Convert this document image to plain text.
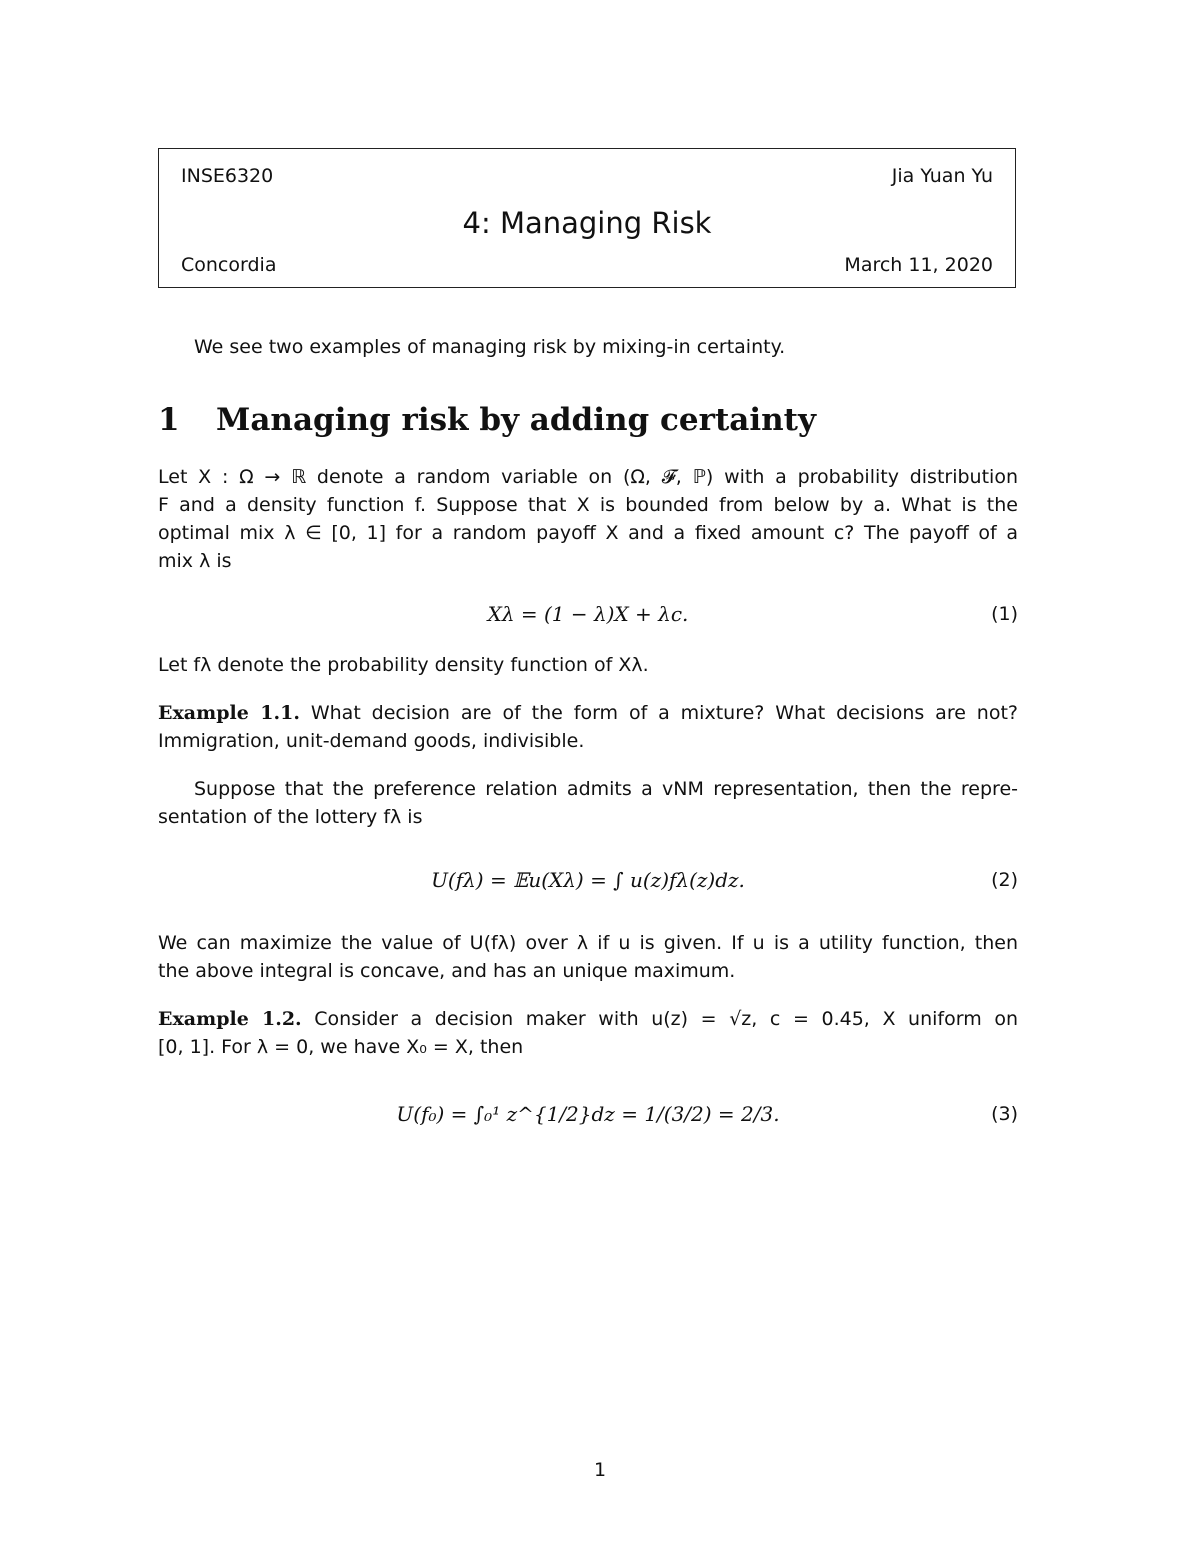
INSE6320	Jia Yuan Yu
4: Managing Risk
Concordia	March 11, 2020
We see two examples of managing risk by mixing-in certainty.
1 Managing risk by adding certainty
Let X : Ω → ℝ denote a random variable on (Ω, 𝓕, ℙ) with a probability distribution
F and a density function f. Suppose that X is bounded from below by a. What is the
optimal mix λ ∈ [0, 1] for a random payoff X and a fixed amount c? The payoff of a
mix λ is
Xλ = (1 − λ)X + λc.	(1)
Let fλ denote the probability density function of Xλ.
Example 1.1. What decision are of the form of a mixture? What decisions are not?
Immigration, unit-demand goods, indivisible.
Suppose that the preference relation admits a vNM representation, then the repre-
sentation of the lottery fλ is
U(fλ) = 𝔼u(Xλ) = ∫ u(z)fλ(z)dz.	(2)
We can maximize the value of U(fλ) over λ if u is given. If u is a utility function, then
the above integral is concave, and has an unique maximum.
Example 1.2. Consider a decision maker with u(z) = √z, c = 0.45, X uniform on
[0, 1]. For λ = 0, we have X₀ = X, then
U(f₀) = ∫₀¹ z^{1/2}dz = 1/(3/2) = 2/3.	(3)
1
